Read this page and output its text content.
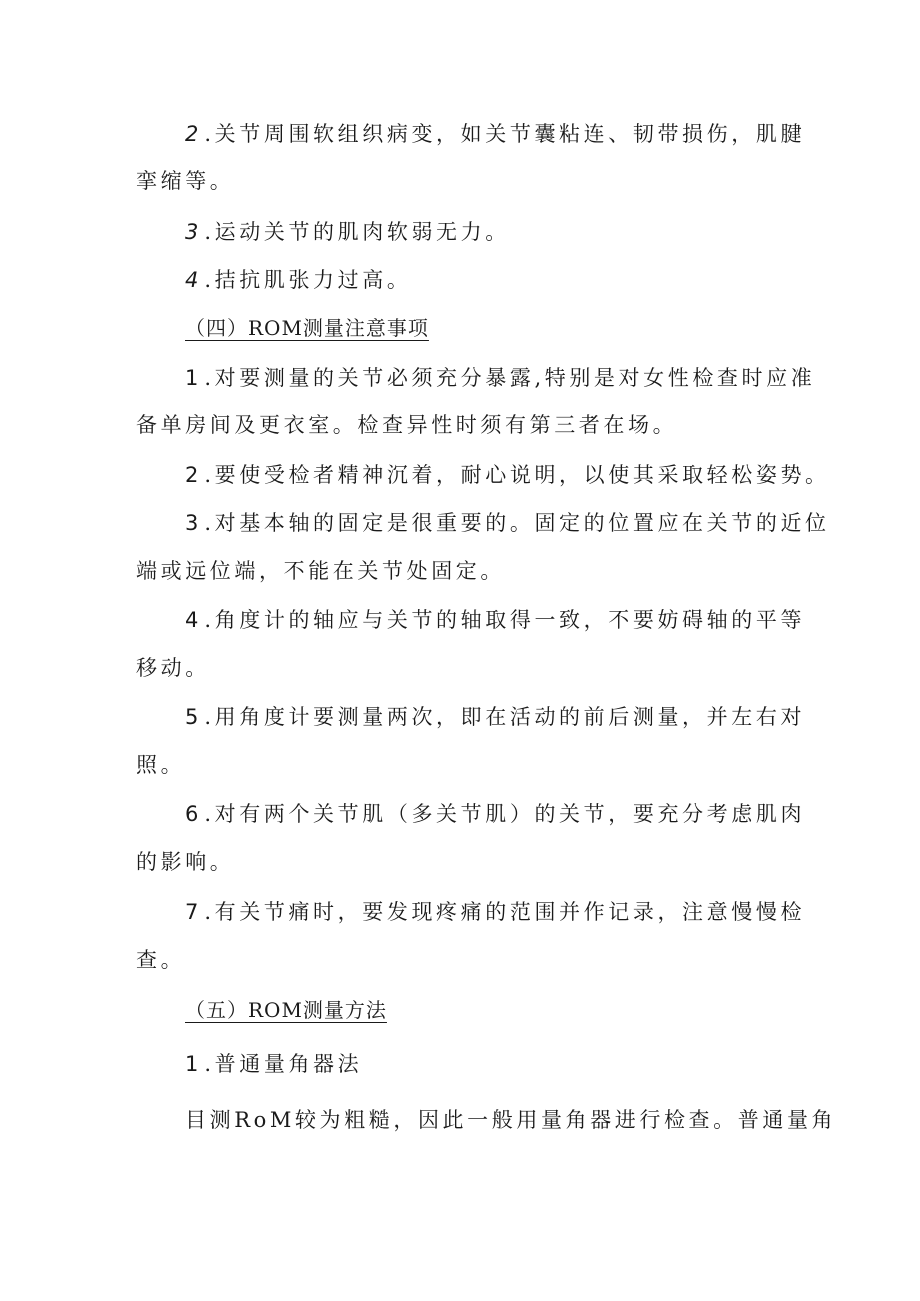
2 .关节周围软组织病变，如关节囊粘连、韧带损伤，肌腱
挛缩等。
3 .运动关节的肌肉软弱无力。
4 .拮抗肌张力过高。
（四）ROM测量注意事项
1 .对要测量的关节必须充分暴露,特别是对女性检查时应准
备单房间及更衣室。检查异性时须有第三者在场。
2 .要使受检者精神沉着，耐心说明，以使其采取轻松姿势。
3 .对基本轴的固定是很重要的。固定的位置应在关节的近位
端或远位端，不能在关节处固定。
4 .角度计的轴应与关节的轴取得一致，不要妨碍轴的平等
移动。
5 .用角度计要测量两次，即在活动的前后测量，并左右对
照。
6 .对有两个关节肌（多关节肌）的关节，要充分考虑肌肉
的影响。
7 .有关节痛时，要发现疼痛的范围并作记录，注意慢慢检
查。
（五）ROM测量方法
1 .普通量角器法
目测RoM较为粗糙，因此一般用量角器进行检查。普通量角
